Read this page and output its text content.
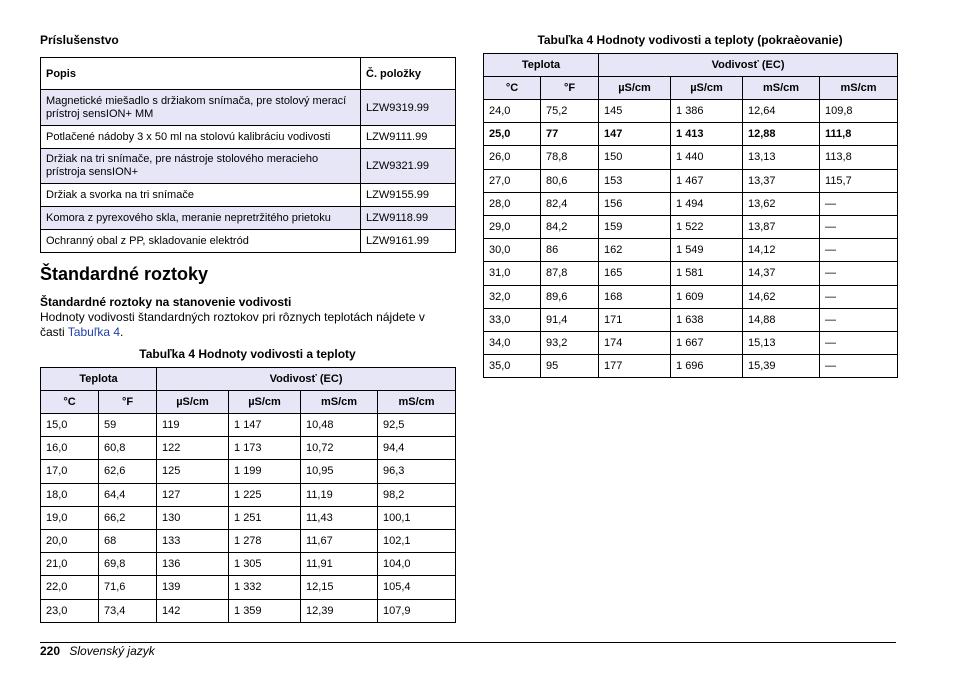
Príslušenstvo
Popis	Č. položky
Magnetické miešadlo s držiakom snímača, pre stolový merací prístroj sensION+ MM	LZW9319.99
Potlačené nádoby 3 x 50 ml na stolovú kalibráciu vodivosti	LZW9111.99
Držiak na tri snímače, pre nástroje stolového meracieho prístroja sensION+	LZW9321.99
Držiak a svorka na tri snímače	LZW9155.99
Komora z pyrexového skla, meranie nepretržitého prietoku	LZW9118.99
Ochranný obal z PP, skladovanie elektród	LZW9161.99
Štandardné roztoky
Štandardné roztoky na stanovenie vodivosti
Hodnoty vodivosti štandardných roztokov pri rôznych teplotách nájdete v
časti Tabuľka 4.
Tabuľka 4 Hodnoty vodivosti a teploty
Teplota		Vodivosť (EC)			
°C	°F	µS/cm	µS/cm	mS/cm	mS/cm
15,0	59	119	1 147	10,48	92,5
16,0	60,8	122	1 173	10,72	94,4
17,0	62,6	125	1 199	10,95	96,3
18,0	64,4	127	1 225	11,19	98,2
19,0	66,2	130	1 251	11,43	100,1
20,0	68	133	1 278	11,67	102,1
21,0	69,8	136	1 305	11,91	104,0
22,0	71,6	139	1 332	12,15	105,4
23,0	73,4	142	1 359	12,39	107,9
Tabuľka 4 Hodnoty vodivosti a teploty (pokraèovanie)
Teplota		Vodivosť (EC)			
°C	°F	µS/cm	µS/cm	mS/cm	mS/cm
24,0	75,2	145	1 386	12,64	109,8
25,0	77	147	1 413	12,88	111,8
26,0	78,8	150	1 440	13,13	113,8
27,0	80,6	153	1 467	13,37	115,7
28,0	82,4	156	1 494	13,62	—
29,0	84,2	159	1 522	13,87	—
30,0	86	162	1 549	14,12	—
31,0	87,8	165	1 581	14,37	—
32,0	89,6	168	1 609	14,62	—
33,0	91,4	171	1 638	14,88	—
34,0	93,2	174	1 667	15,13	—
35,0	95	177	1 696	15,39	—
220 Slovenský jazyk
